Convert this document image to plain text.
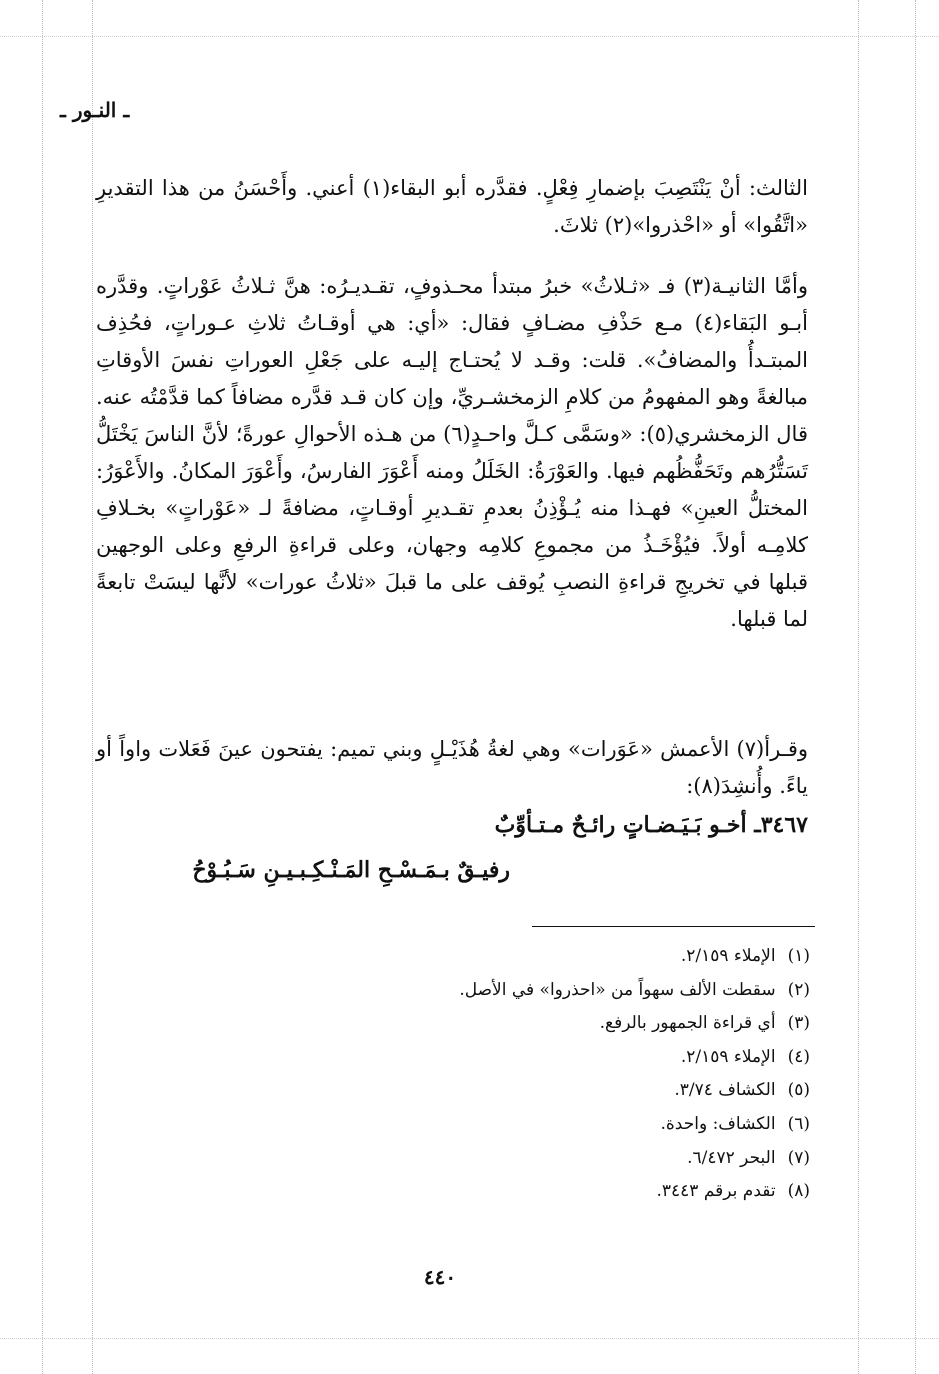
ـ النـور ـ

الثالث: أنْ يَنْتَصِبَ بإضمارِ فِعْلٍ. فقدَّره أبو البقاء(١) أعني. وأَحْسَنُ من هذا التقديرِ «اتَّقُوا» أو «احْذروا»(٢) ثلاثَ.

وأمَّا الثانيـة(٣) فـ «ثـلاثُ» خبرُ مبتدأ محـذوفٍ، تقـديـرُه: هنَّ ثـلاثُ عَوْراتٍ. وقدَّره أبـو البَقاء(٤) مـع حَذْفِ مضـافٍ فقال: «أي: هي أوقـاتُ ثلاثِ عـوراتٍ، فحُذِف المبتـدأُ والمضافُ». قلت: وقـد لا يُحتـاج إليـه على جَعْلِ العوراتِ نفسَ الأوقاتِ مبالغةً وهو المفهومُ من كلامِ الزمخشـريِّ، وإن كان قـد قدَّره مضافاً كما قدَّمْتُه عنه. قال الزمخشري(٥): «وسَمَّى كـلَّ واحـدٍ(٦) من هـذه الأحوالِ عورةً؛ لأنَّ الناسَ يَخْتَلُّ تَسَتُّرُهم وتَحَفُّظُهم فيها. والعَوْرَةُ: الخَلَلُ ومنه أَعْوَرَ الفارسُ، وأَعْوَرَ المكانُ. والأَعْوَرُ: المختلُّ العينِ» فهـذا منه يُـؤْذِنُ بعدمِ تقـديرِ أوقـاتٍ، مضافةً لـ «عَوْراتٍ» بخـلافِ كلامِـه أولاً. فيُؤْخَـذُ من مجموعِ كلامِه وجهان، وعلى قراءةِ الرفعِ وعلى الوجهين قبلها في تخريجِ قراءةِ النصبِ يُوقف على ما قبلَ «ثلاثُ عورات» لأنَّها ليسَتْ تابعةً لما قبلها.

وقـرأ(٧) الأعمش «عَوَرات» وهي لغةُ هُذَيْـلٍ وبني تميم: يفتحون عينَ فَعَلات واواً أو ياءً. وأُنشِدَ(٨):

٣٤٦٧ـ أخـو بَـيَـضـاتٍ رائـحٌ مـتـأوِّبٌ
رفيـقٌ بـمَـسْـحِ المَـنْـكِـبـيـنِ سَـبُـوْحُ
(١)الإملاء ٢/١٥٩.
(٢)سقطت الألف سهواً من «احذروا» في الأصل.
(٣)أي قراءة الجمهور بالرفع.
(٤)الإملاء ٢/١٥٩.
(٥)الكشاف ٣/٧٤.
(٦)الكشاف: واحدة.
(٧)البحر ٦/٤٧٢.
(٨)تقدم برقم ٣٤٤٣.
٤٤٠
